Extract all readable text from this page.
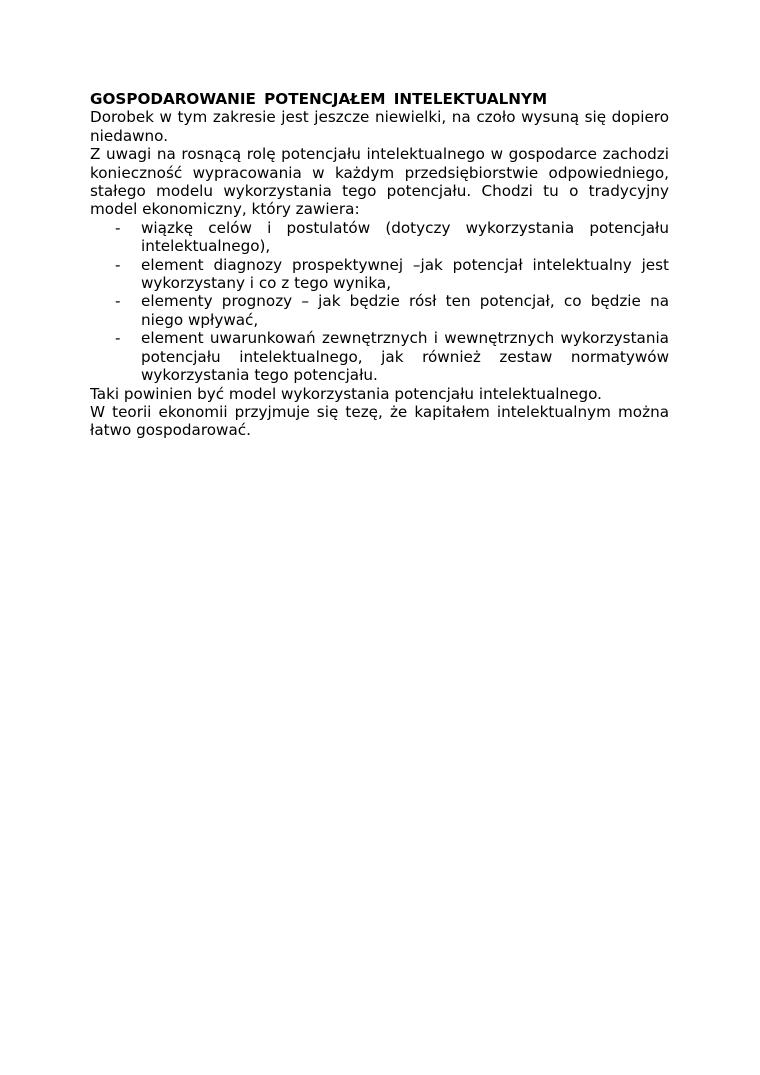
GOSPODAROWANIE POTENCJAŁEM INTELEKTUALNYM

Dorobek w tym zakresie jest jeszcze niewielki, na czoło wysuną się dopiero niedawno.

Z uwagi na rosnącą rolę potencjału intelektualnego w gospodarce zachodzi konieczność wypracowania w każdym przedsiębiorstwie odpowiedniego, stałego modelu wykorzystania tego potencjału. Chodzi tu o tradycyjny model ekonomiczny, który zawiera:

- wiązkę celów i postulatów (dotyczy wykorzystania potencjału intelektualnego),
- element diagnozy prospektywnej –jak potencjał intelektualny jest wykorzystany i co z tego wynika,
- elementy prognozy – jak będzie rósł ten potencjał, co będzie na niego wpływać,
- element uwarunkowań zewnętrznych i wewnętrznych wykorzystania potencjału intelektualnego, jak również zestaw normatywów wykorzystania tego potencjału.

Taki powinien być model wykorzystania potencjału intelektualnego.

W teorii ekonomii przyjmuje się tezę, że kapitałem intelektualnym można łatwo gospodarować.
